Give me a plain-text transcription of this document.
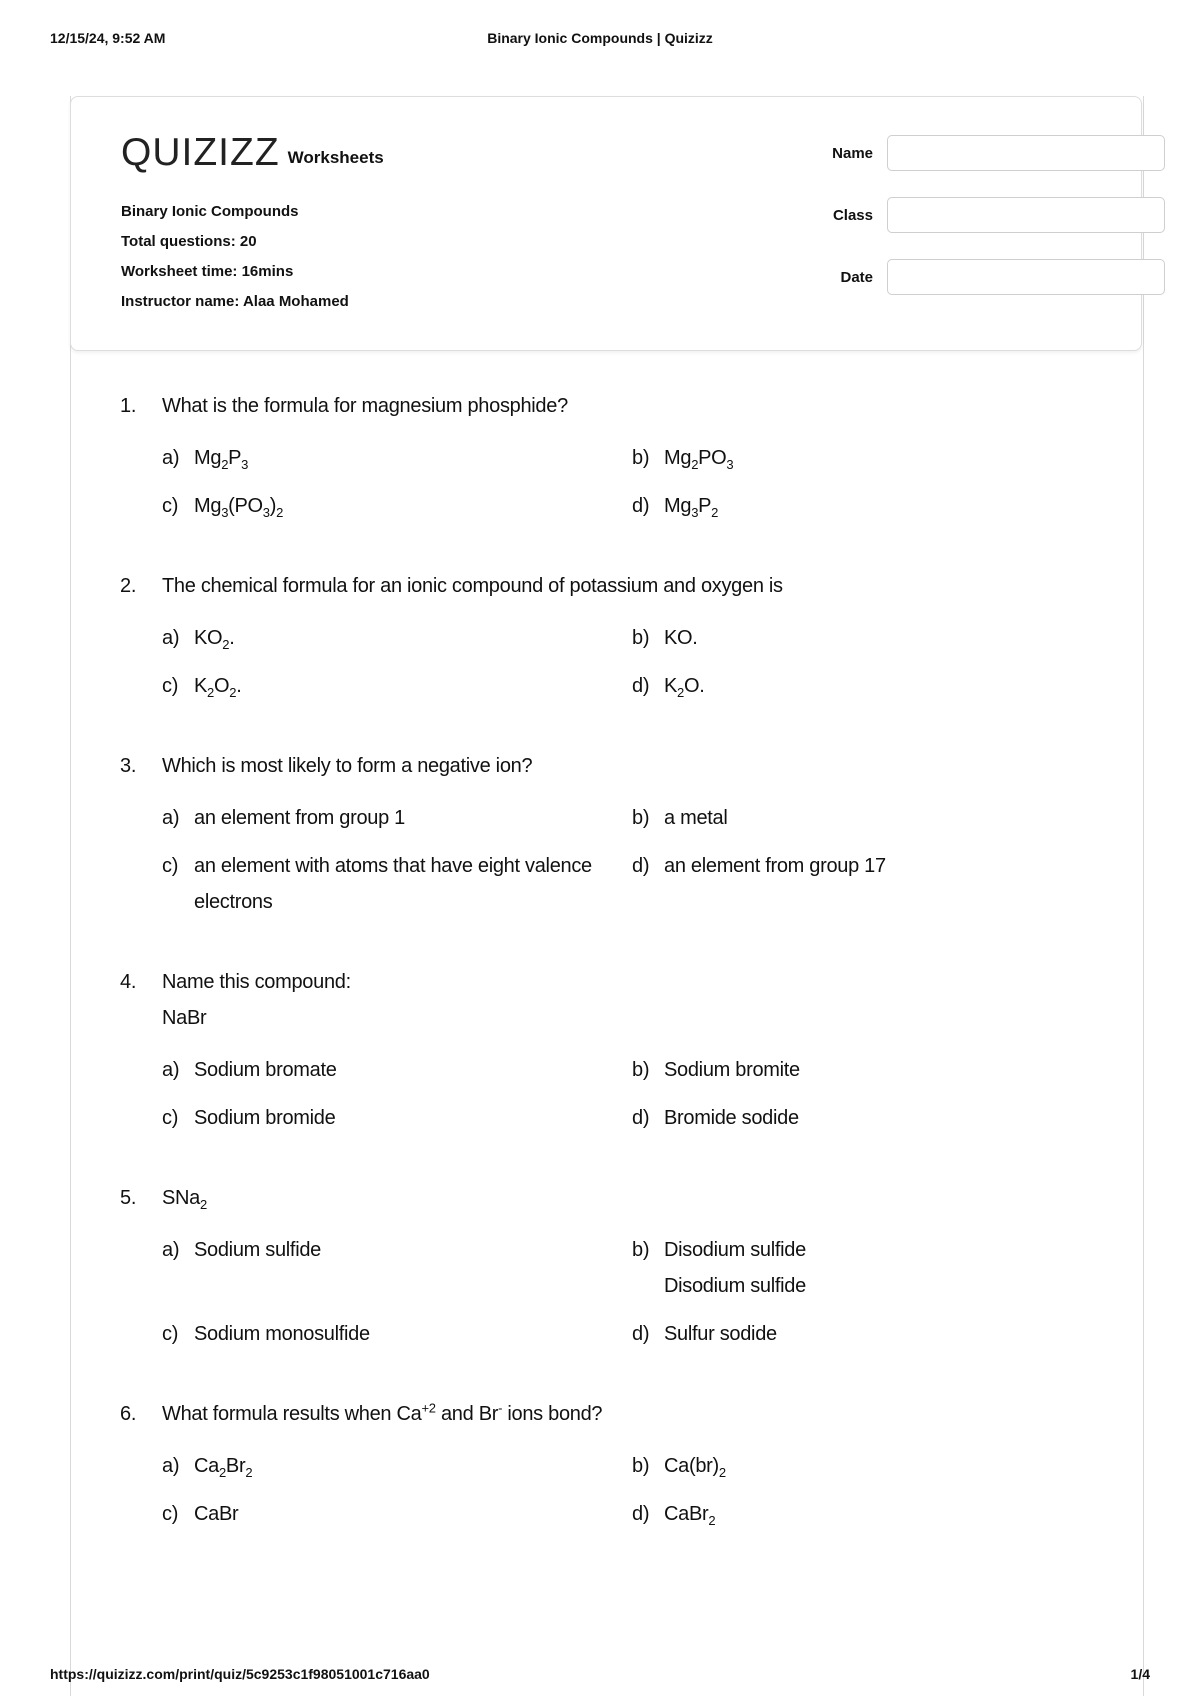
12/15/24, 9:52 AM	Binary Ionic Compounds | Quizizz
QUIZIZZ Worksheets
Binary Ionic Compounds
Total questions: 20
Worksheet time: 16mins
Instructor name: Alaa Mohamed
Name
Class
Date
1.	What is the formula for magnesium phosphide?
a) $Mg_2P_3$	b) $Mg_2PO_3$
c) $Mg_3(PO_3)_2$	d) $Mg_3P_2$
2.	The chemical formula for an ionic compound of potassium and oxygen is
a) $KO_2$.	b) KO.
c) $K_2O_2$.	d) $K_2O$.
3.	Which is most likely to form a negative ion?
a) an element from group 1	b) a metal
c) an element with atoms that have eight valence electrons
d) an element from group 17
4.	Name this compound:
NaBr
a) Sodium bromate	b) Sodium bromite
c) Sodium bromide	d) Bromide sodide
5.	SNa$_2$
a) Sodium sulfide	b) Disodium sulfide
Disodium sulfide
c) Sodium monosulfide	d) Sulfur sodide
6.	What formula results when $Ca^{+2}$ and Br- ions bond?
a) $Ca_2Br_2$	b) $Ca(br)_2$
c) CaBr	d) CaBr$_2$
https://quizizz.com/print/quiz/5c9253c1f98051001c716aa0	1/4
